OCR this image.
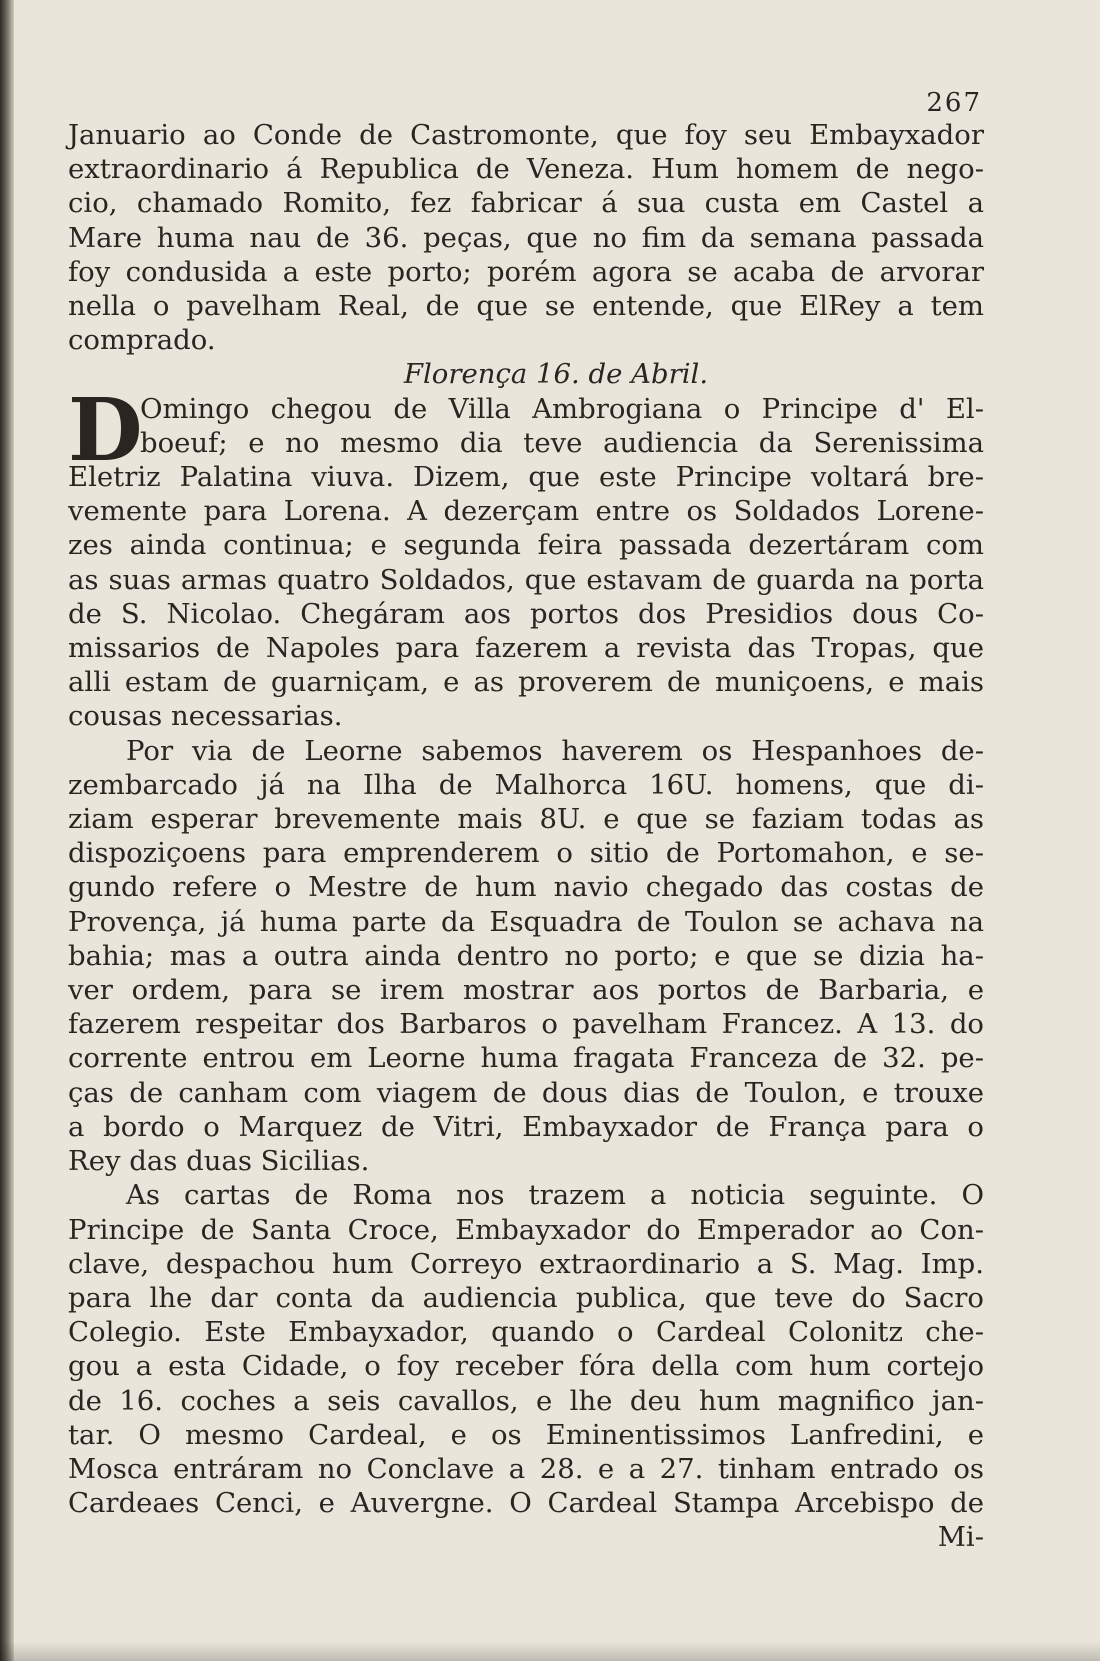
267
Januario ao Conde de Castromonte, que foy seu Embayxador
extraordinario á Republica de Veneza. Hum homem de nego-
cio, chamado Romito, fez fabricar á sua custa em Castel a
Mare huma nau de 36. peças, que no fim da semana passada
foy condusida a este porto; porém agora se acaba de arvorar
nella o pavelham Real, de que se entende, que ElRey a tem
comprado.
Florença 16. de Abril.
D
Omingo chegou de Villa Ambrogiana o Principe d' El-
boeuf; e no mesmo dia teve audiencia da Serenissima
Eletriz Palatina viuva. Dizem, que este Principe voltará bre-
vemente para Lorena. A dezerçam entre os Soldados Lorene-
zes ainda continua; e segunda feira passada dezertáram com
as suas armas quatro Soldados, que estavam de guarda na porta
de S. Nicolao. Chegáram aos portos dos Presidios dous Co-
missarios de Napoles para fazerem a revista das Tropas, que
alli estam de guarniçam, e as proverem de muniçoens, e mais
cousas necessarias.
Por via de Leorne sabemos haverem os Hespanhoes de-
zembarcado já na Ilha de Malhorca 16U. homens, que di-
ziam esperar brevemente mais 8U. e que se faziam todas as
dispoziçoens para emprenderem o sitio de Portomahon, e se-
gundo refere o Mestre de hum navio chegado das costas de
Provença, já huma parte da Esquadra de Toulon se achava na
bahia; mas a outra ainda dentro no porto; e que se dizia ha-
ver ordem, para se irem mostrar aos portos de Barbaria, e
fazerem respeitar dos Barbaros o pavelham Francez. A 13. do
corrente entrou em Leorne huma fragata Franceza de 32. pe-
ças de canham com viagem de dous dias de Toulon, e trouxe
a bordo o Marquez de Vitri, Embayxador de França para o
Rey das duas Sicilias.
As cartas de Roma nos trazem a noticia seguinte. O
Principe de Santa Croce, Embayxador do Emperador ao Con-
clave, despachou hum Correyo extraordinario a S. Mag. Imp.
para lhe dar conta da audiencia publica, que teve do Sacro
Colegio. Este Embayxador, quando o Cardeal Colonitz che-
gou a esta Cidade, o foy receber fóra della com hum cortejo
de 16. coches a seis cavallos, e lhe deu hum magnifico jan-
tar. O mesmo Cardeal, e os Eminentissimos Lanfredini, e
Mosca entráram no Conclave a 28. e a 27. tinham entrado os
Cardeaes Cenci, e Auvergne. O Cardeal Stampa Arcebispo de
Mi-
